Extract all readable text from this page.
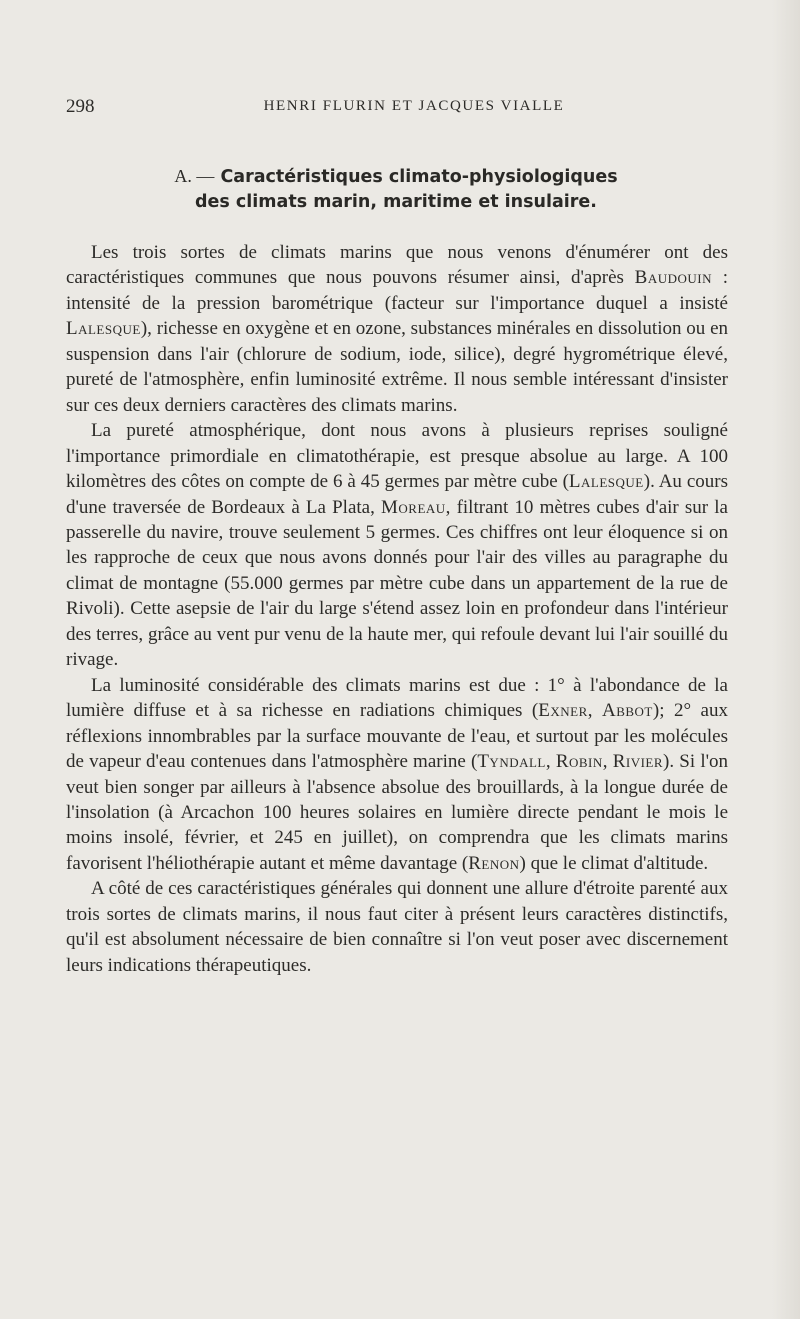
298	HENRI FLURIN ET JACQUES VIALLE
A. — Caractéristiques climato-physiologiques
des climats marin, maritime et insulaire.

Les trois sortes de climats marins que nous venons d'énumérer ont des caractéristiques communes que nous pouvons résumer ainsi, d'après Baudouin : intensité de la pression barométrique (facteur sur l'importance duquel a insisté Lalesque), richesse en oxygène et en ozone, substances minérales en dissolution ou en suspension dans l'air (chlorure de sodium, iode, silice), degré hygrométrique élevé, pureté de l'atmosphère, enfin luminosité extrême. Il nous semble intéressant d'insister sur ces deux derniers caractères des climats marins.

La pureté atmosphérique, dont nous avons à plusieurs reprises souligné l'importance primordiale en climatothérapie, est presque absolue au large. A 100 kilomètres des côtes on compte de 6 à 45 germes par mètre cube (Lalesque). Au cours d'une traversée de Bordeaux à La Plata, Moreau, filtrant 10 mètres cubes d'air sur la passerelle du navire, trouve seulement 5 germes. Ces chiffres ont leur éloquence si on les rapproche de ceux que nous avons donnés pour l'air des villes au paragraphe du climat de montagne (55.000 germes par mètre cube dans un appartement de la rue de Rivoli). Cette asepsie de l'air du large s'étend assez loin en profondeur dans l'intérieur des terres, grâce au vent pur venu de la haute mer, qui refoule devant lui l'air souillé du rivage.

La luminosité considérable des climats marins est due : 1° à l'abondance de la lumière diffuse et à sa richesse en radiations chimiques (Exner, Abbot); 2° aux réflexions innombrables par la surface mouvante de l'eau, et surtout par les molécules de vapeur d'eau contenues dans l'atmosphère marine (Tyndall, Robin, Rivier). Si l'on veut bien songer par ailleurs à l'absence absolue des brouillards, à la longue durée de l'insolation (à Arcachon 100 heures solaires en lumière directe pendant le mois le moins insolé, février, et 245 en juillet), on comprendra que les climats marins favorisent l'héliothérapie autant et même davantage (Renon) que le climat d'altitude.

A côté de ces caractéristiques générales qui donnent une allure d'étroite parenté aux trois sortes de climats marins, il nous faut citer à présent leurs caractères distinctifs, qu'il est absolument nécessaire de bien connaître si l'on veut poser avec discernement leurs indications thérapeutiques.
